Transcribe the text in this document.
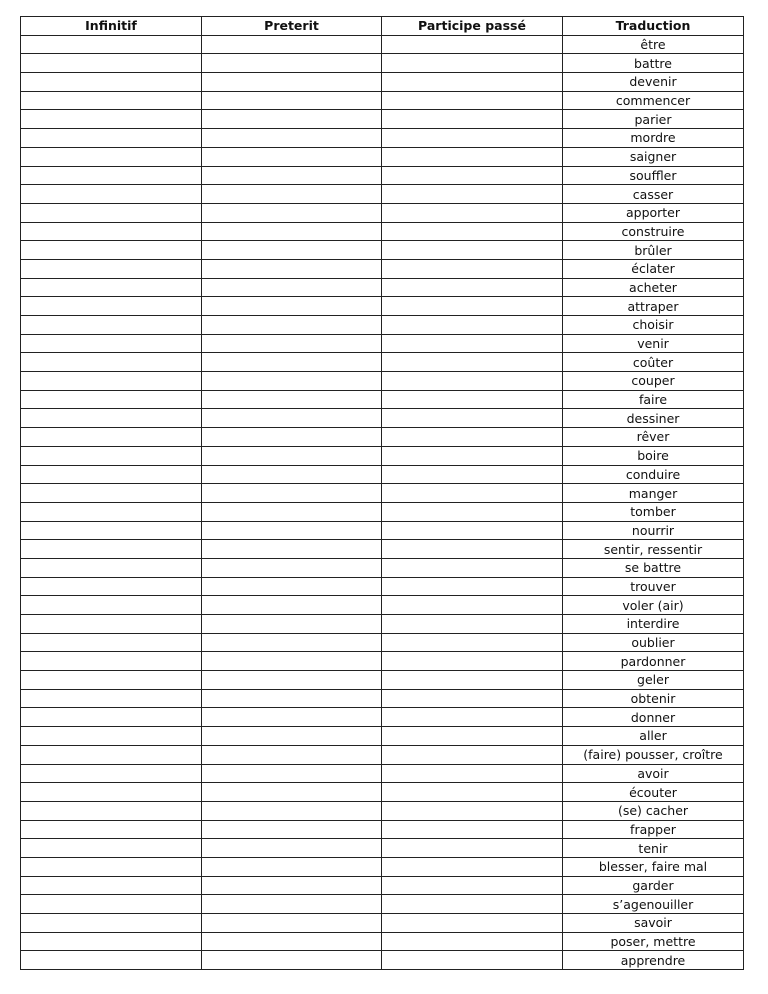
Infinitif	Preterit	Participe passé	Traduction
			être
			battre
			devenir
			commencer
			parier
			mordre
			saigner
			souffler
			casser
			apporter
			construire
			brûler
			éclater
			acheter
			attraper
			choisir
			venir
			coûter
			couper
			faire
			dessiner
			rêver
			boire
			conduire
			manger
			tomber
			nourrir
			sentir, ressentir
			se battre
			trouver
			voler (air)
			interdire
			oublier
			pardonner
			geler
			obtenir
			donner
			aller
			(faire) pousser, croître
			avoir
			écouter
			(se) cacher
			frapper
			tenir
			blesser, faire mal
			garder
			s’agenouiller
			savoir
			poser, mettre
			apprendre
